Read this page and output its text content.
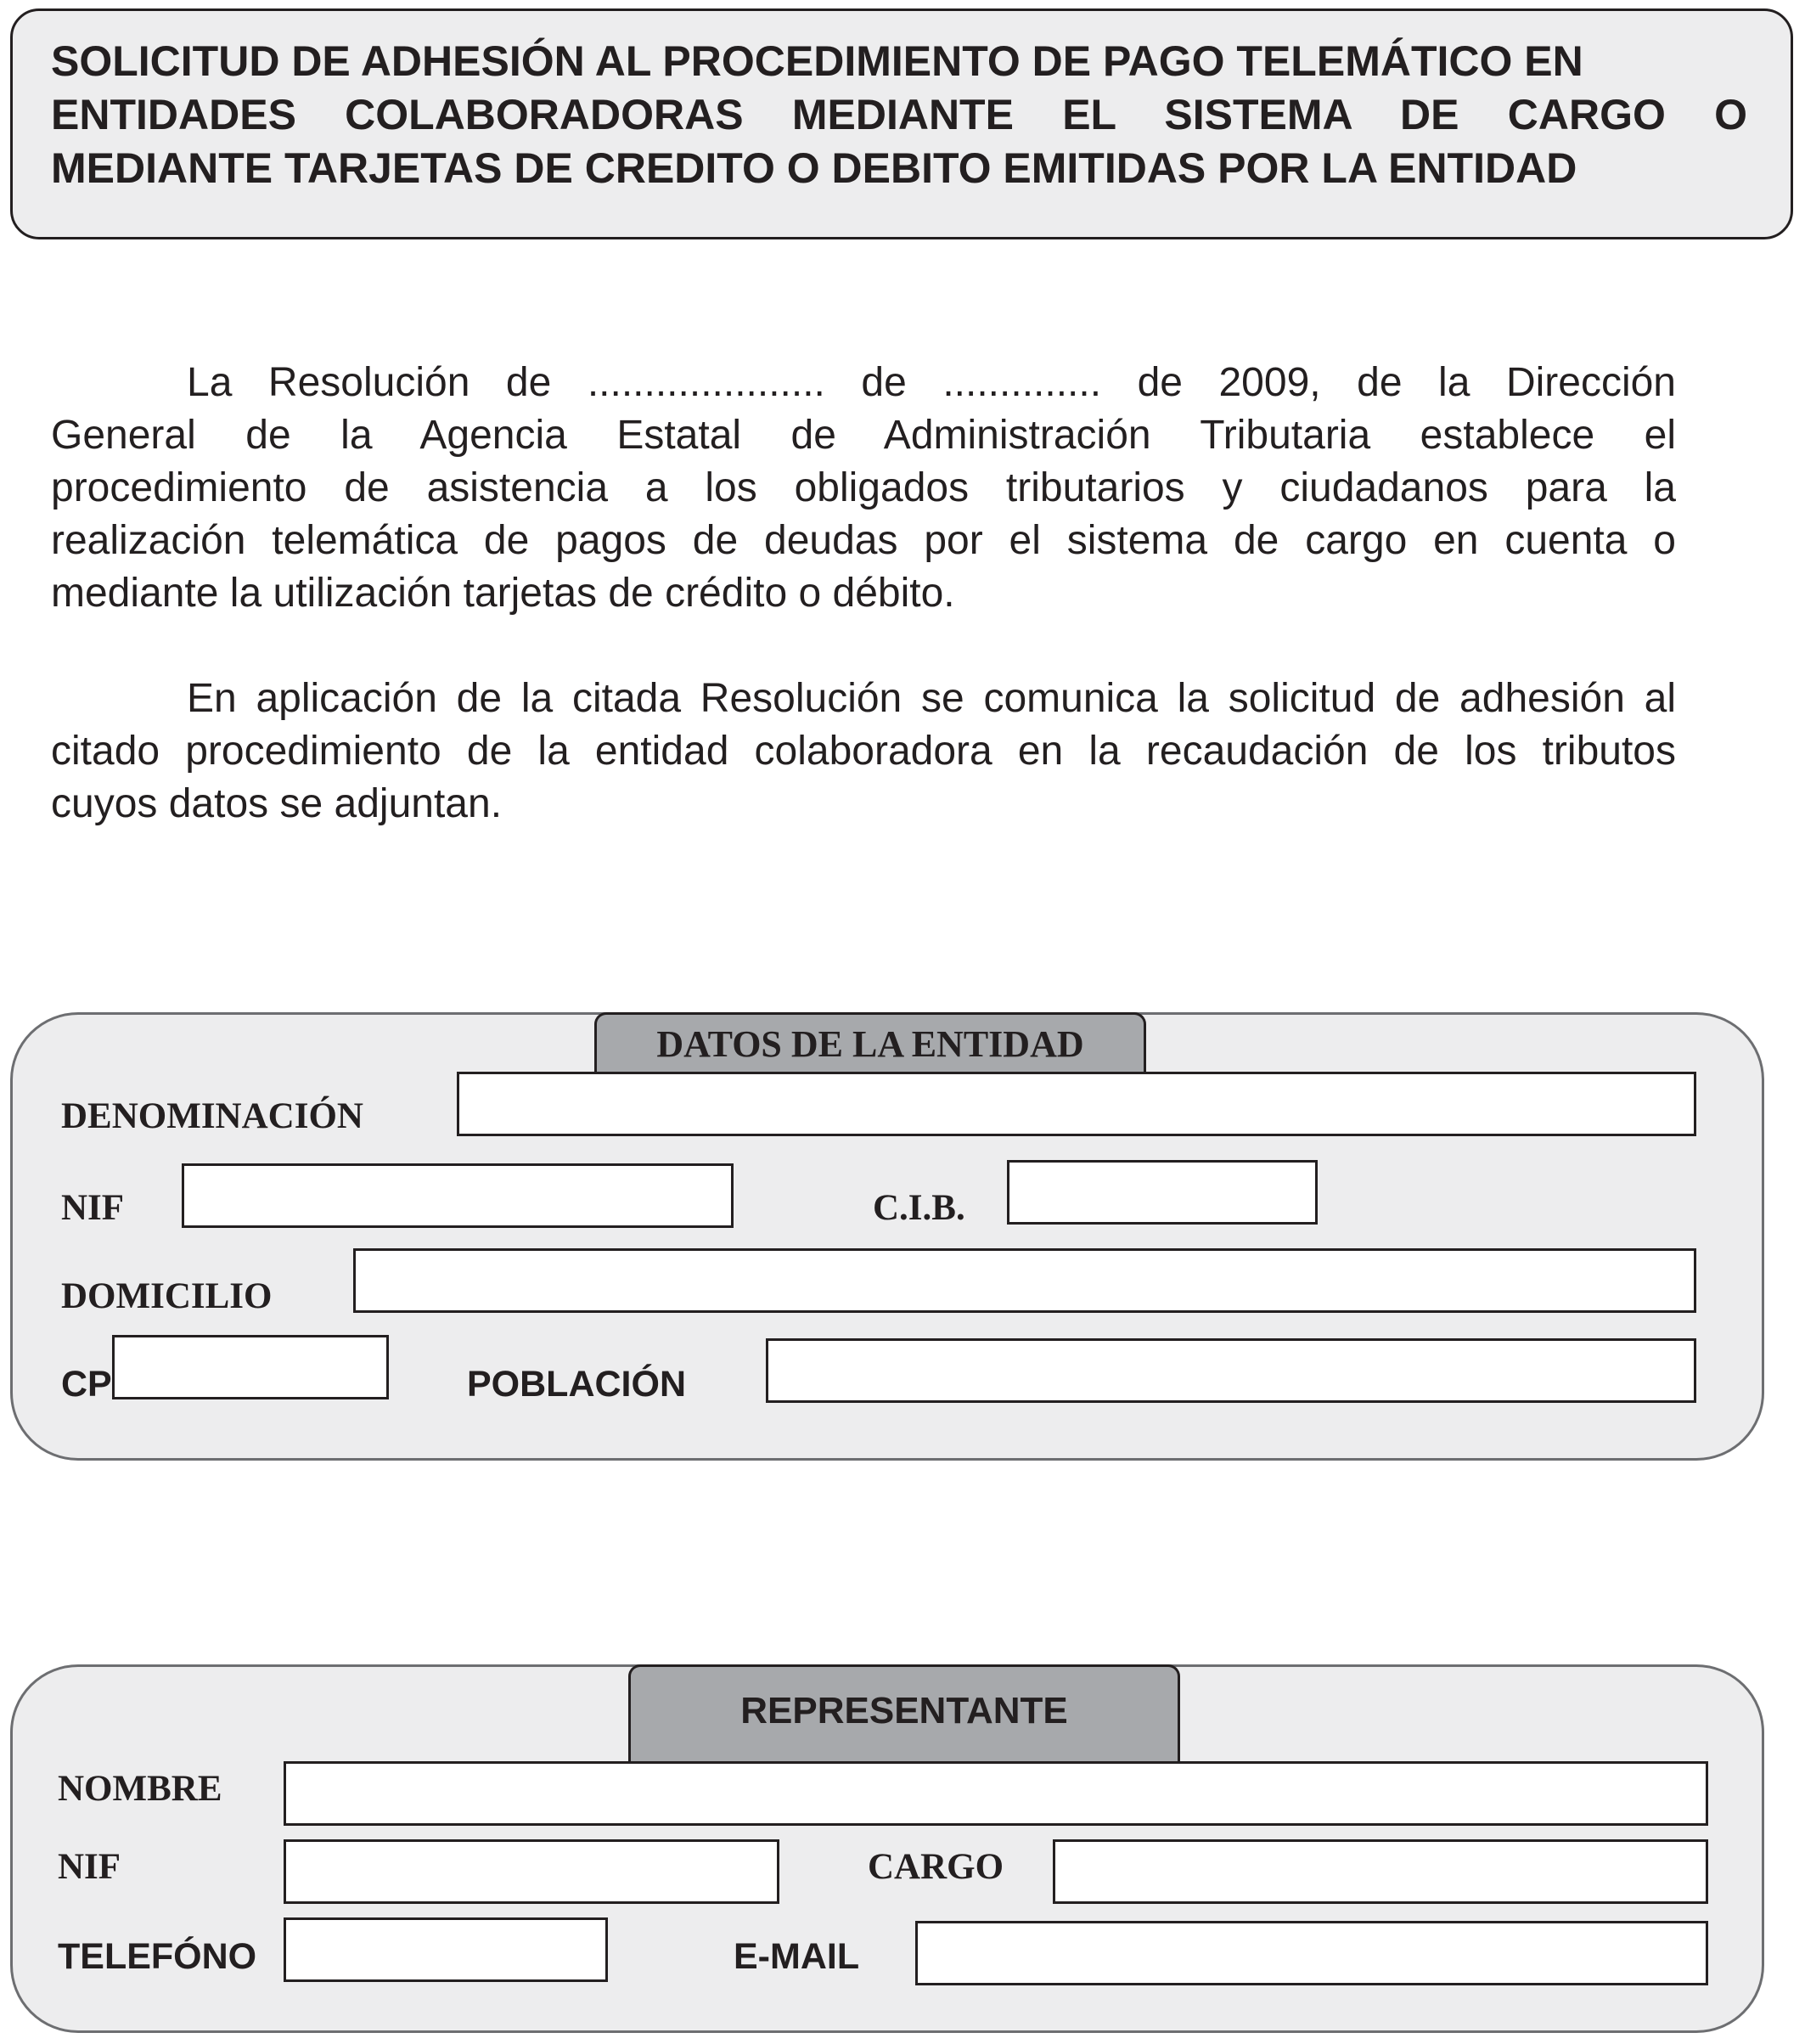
SOLICITUD DE ADHESIÓN AL PROCEDIMIENTO DE PAGO TELEMÁTICO EN
ENTIDADES COLABORADORAS MEDIANTE EL SISTEMA DE CARGO O
MEDIANTE TARJETAS DE CREDITO O DEBITO EMITIDAS POR LA ENTIDAD
La Resolución de ..................... de .............. de 2009, de la Dirección
General de la Agencia Estatal de Administración Tributaria establece el
procedimiento de asistencia a los obligados tributarios y ciudadanos para la
realización telemática de pagos de deudas por el sistema de cargo en cuenta o
mediante la utilización tarjetas de crédito o débito.
En aplicación de la citada Resolución se comunica la solicitud de adhesión al
citado procedimiento de la entidad colaboradora en la recaudación de los tributos
cuyos datos se adjuntan.
DATOS DE LA ENTIDAD
DENOMINACIÓN
NIF	C.I.B.
DOMICILIO
CP	POBLACIÓN
REPRESENTANTE
NOMBRE
NIF	CARGO
TELEFÓNO	E-MAIL
